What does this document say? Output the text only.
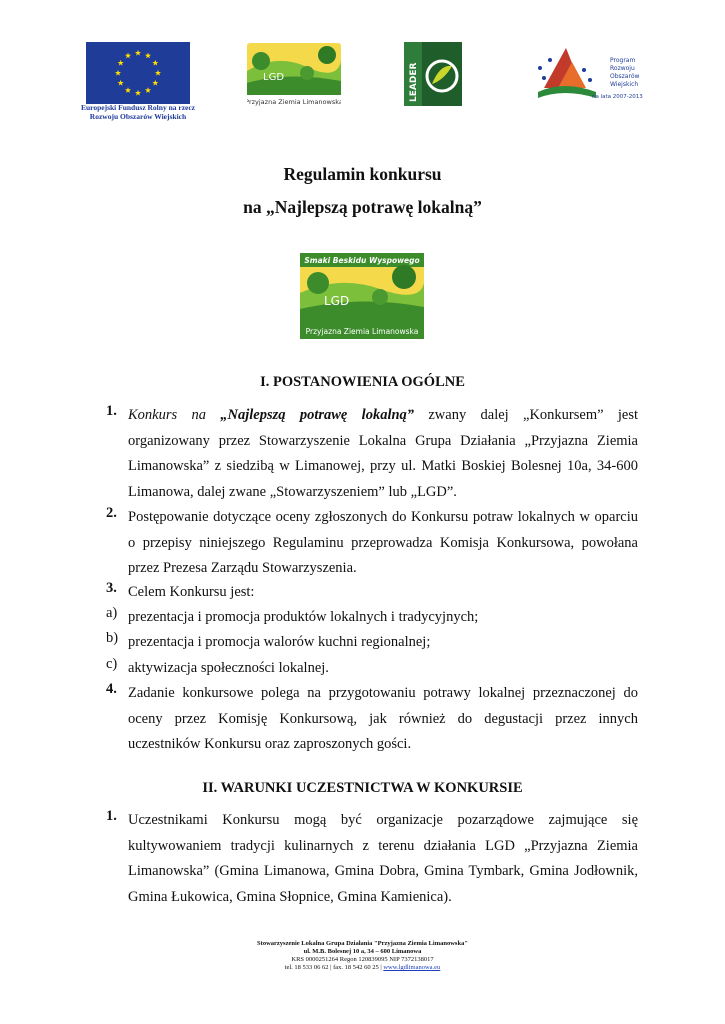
Europejski Fundusz Rolny na rzecz
Rozwoju Obszarów Wiejskich
LGD
Przyjazna Ziemia Limanowska	LEADER
Program
Rozwoju
Obszarów
Wiejskich
na lata 2007-2013
Regulamin konkursu
na „Najlepszą potrawę lokalną”
Smaki Beskidu Wyspowego
LGD
Przyjazna Ziemia Limanowska
I. POSTANOWIENIA OGÓLNE
1. Konkurs na „Najlepszą potrawę lokalną” zwany dalej „Konkursem” jest
organizowany przez Stowarzyszenie Lokalna Grupa Działania „Przyjazna Ziemia
Limanowska” z siedzibą w Limanowej, przy ul. Matki Boskiej Bolesnej 10a, 34-600
Limanowa, dalej zwane „Stowarzyszeniem” lub „LGD”.
2. Postępowanie dotyczące oceny zgłoszonych do Konkursu potraw lokalnych w oparciu
o przepisy niniejszego Regulaminu przeprowadza Komisja Konkursowa, powołana
przez Prezesa Zarządu Stowarzyszenia.
3. Celem Konkursu jest:
a) prezentacja i promocja produktów lokalnych i tradycyjnych;
b) prezentacja i promocja walorów kuchni regionalnej;
c) aktywizacja społeczności lokalnej.
4. Zadanie konkursowe polega na przygotowaniu potrawy lokalnej przeznaczonej do
oceny przez Komisję Konkursową, jak również do degustacji przez innych
uczestników Konkursu oraz zaproszonych gości.
II. WARUNKI UCZESTNICTWA W KONKURSIE
1. Uczestnikami Konkursu mogą być organizacje pozarządowe zajmujące się
kultywowaniem tradycji kulinarnych z terenu działania LGD „Przyjazna Ziemia
Limanowska” (Gmina Limanowa, Gmina Dobra, Gmina Tymbark, Gmina Jodłownik,
Gmina Łukowica, Gmina Słopnice, Gmina Kamienica).
Stowarzyszenie Lokalna Grupa Działania "Przyjazna Ziemia Limanowska"
ul. M.B. Bolesnej 10 a, 34 – 600 Limanowa
KRS 0000251264 Regon 120839095 NIP 7372138017
tel. 18 533 06 62 | fax. 18 542 60 25 | www.lgdlimanowa.eu
